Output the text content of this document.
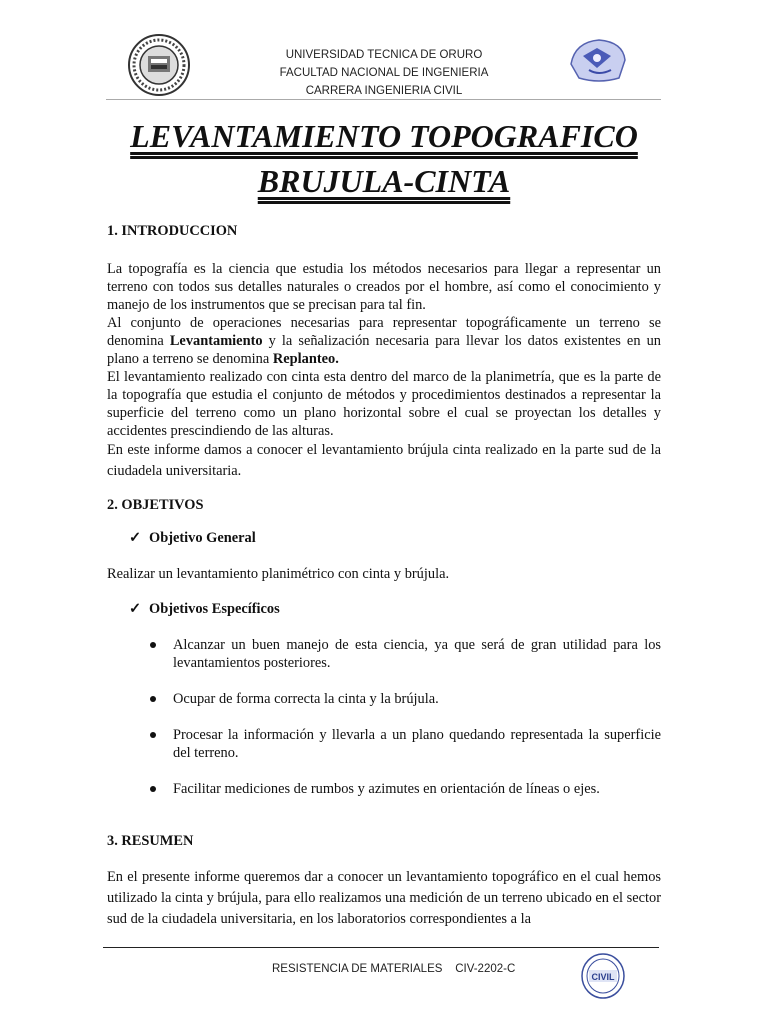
UNIVERSIDAD TECNICA DE ORURO
FACULTAD NACIONAL DE INGENIERIA
CARRERA INGENIERIA CIVIL
LEVANTAMIENTO TOPOGRAFICO
BRUJULA-CINTA

1. INTRODUCCION

La topografía es la ciencia que estudia los métodos necesarios para llegar a representar un terreno con todos sus detalles naturales o creados por el hombre, así como el conocimiento y manejo de los instrumentos que se precisan para tal fin.

Al conjunto de operaciones necesarias para representar topográficamente un terreno se denomina Levantamiento y la señalización necesaria para llevar los datos existentes en un plano a terreno se denomina Replanteo.

El levantamiento realizado con cinta esta dentro del marco de la planimetría, que es la parte de la topografía que estudia el conjunto de métodos y procedimientos destinados a representar la superficie del terreno como un plano horizontal sobre el cual se proyectan los detalles y accidentes prescindiendo de las alturas.

En este informe damos a conocer el levantamiento brújula cinta realizado en la parte sud de la ciudadela universitaria.

2. OBJETIVOS

✓ Objetivo General

Realizar un levantamiento planimétrico con cinta y brújula.

✓ Objetivos Específicos
Alcanzar un buen manejo de esta ciencia, ya que será de gran utilidad para los levantamientos posteriores.
Ocupar de forma correcta la cinta y la brújula.
Procesar la información y llevarla a un plano quedando representada la superficie del terreno.
Facilitar mediciones de rumbos y azimutes en orientación de líneas o ejes.

3. RESUMEN

En el presente informe queremos dar a conocer un levantamiento topográfico en el cual hemos utilizado la cinta y brújula, para ello realizamos una medición de un terreno ubicado en el sector sud de la ciudadela universitaria, en los laboratorios correspondientes a la

RESISTENCIA DE MATERIALES    CIV-2202-C
CIVIL
